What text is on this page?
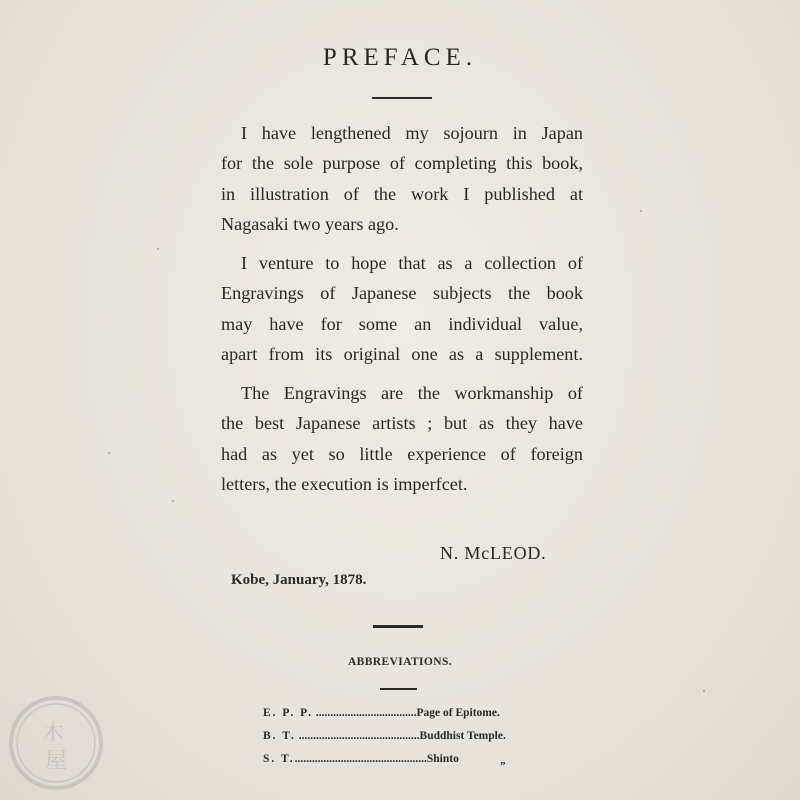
PREFACE.
I have lengthened my sojourn in Japan
for the sole purpose of completing this book,
in illustration of the work I published at
Nagasaki two years ago.
I venture to hope that as a collection of
Engravings of Japanese subjects the book
may have for some an individual value,
apart from its original one as a supplement.
The Engravings are the workmanship of
the best Japanese artists ; but as they have
had as yet so little experience of foreign
letters, the execution is imperfcet.
N. McLEOD.
Kobe, January, 1878.
ABBREVIATIONS.
E. P. P. ...................................Page of Epitome.
B. T. ..........................................Buddhist Temple.
S. T...............................................Shinto
”
木
屋
